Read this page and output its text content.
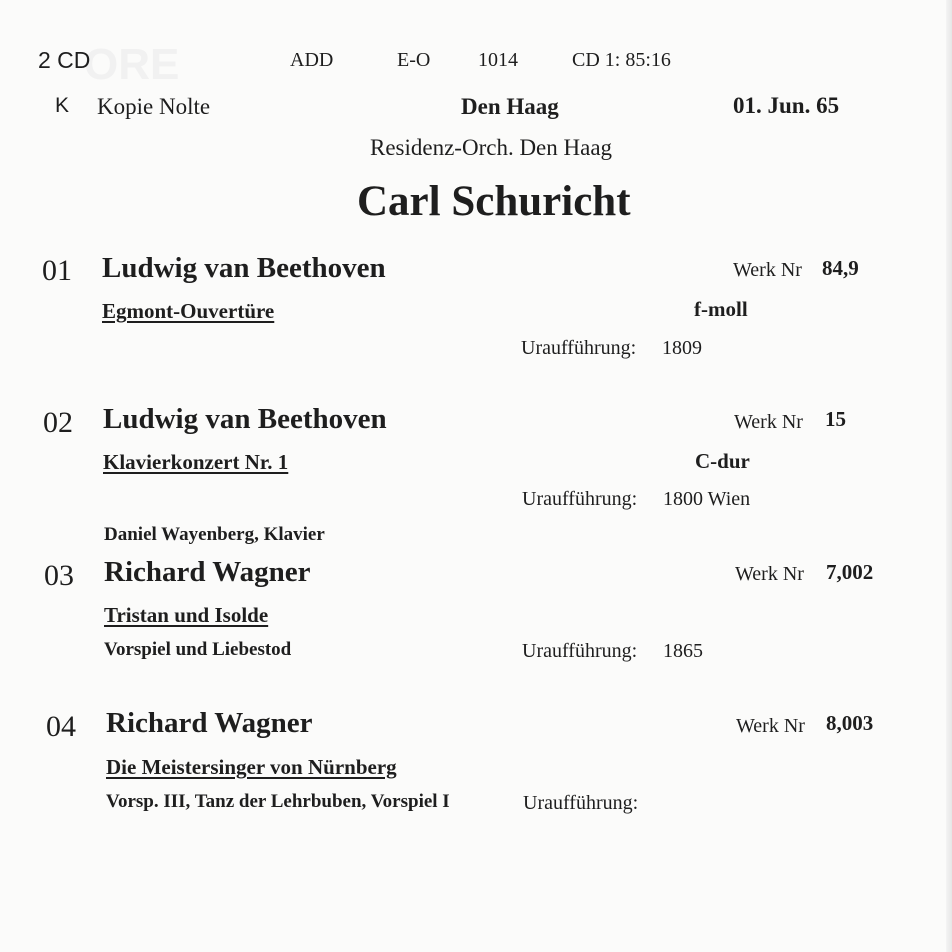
ORE
2 CD	ADD	E-O 1014	CD 1: 85:16
K Kopie Nolte	Den Haag	01. Jun. 65
Residenz-Orch. Den Haag
Carl Schuricht
01 Ludwig van Beethoven	Werk Nr 84,9
Egmont-Ouvertüre	f-moll
Uraufführung: 1809
02 Ludwig van Beethoven	Werk Nr 15
Klavierkonzert Nr. 1	C-dur
Uraufführung: 1800 Wien
Daniel Wayenberg, Klavier
03 Richard Wagner	Werk Nr 7,002
Tristan und Isolde
Vorspiel und Liebestod	Uraufführung: 1865
04 Richard Wagner	Werk Nr 8,003
Die Meistersinger von Nürnberg
Vorsp. III, Tanz der Lehrbuben, Vorspiel I	Uraufführung:
